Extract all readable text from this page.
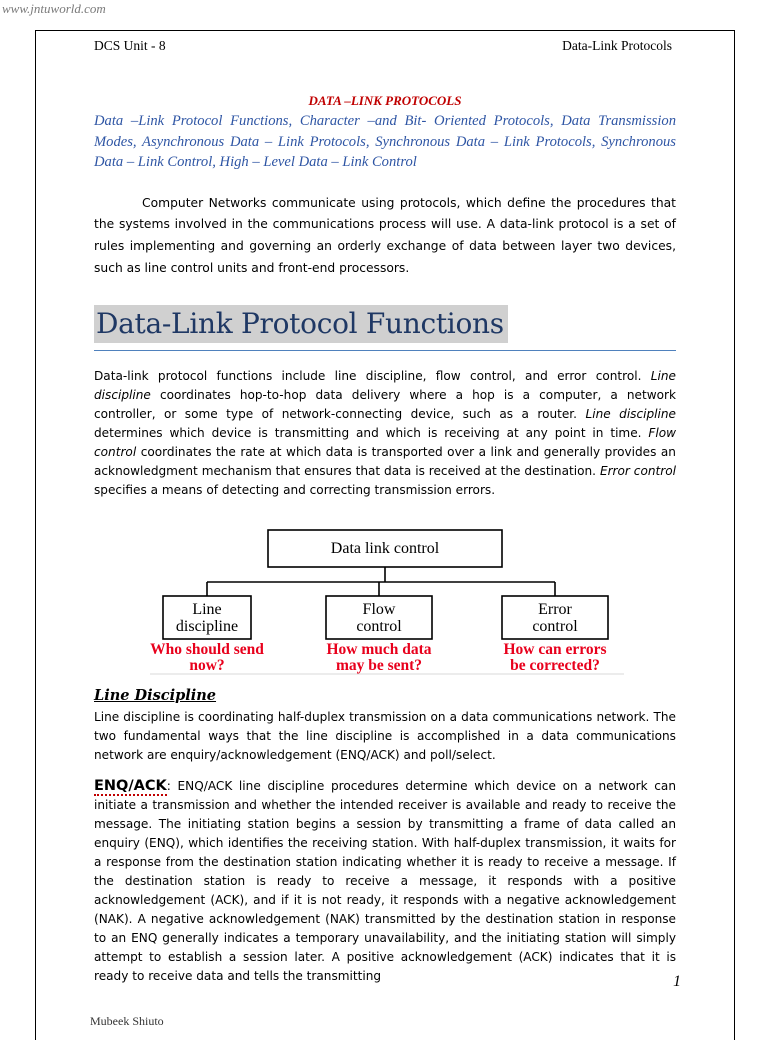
www.jntuworld.com
DCS Unit - 8	Data-Link Protocols

DATA –LINK PROTOCOLS

Data –Link Protocol Functions, Character –and Bit- Oriented Protocols, Data Transmission Modes, Asynchronous Data – Link Protocols, Synchronous Data – Link Protocols, Synchronous Data – Link Control, High – Level Data – Link Control

Computer Networks communicate using protocols, which define the procedures that the systems involved in the communications process will use. A data-link protocol is a set of rules implementing and governing an orderly exchange of data between layer two devices, such as line control units and front-end processors.

Data-Link Protocol Functions

Data-link protocol functions include line discipline, flow control, and error control. Line discipline coordinates hop-to-hop data delivery where a hop is a computer, a network controller, or some type of network-connecting device, such as a router. Line discipline determines which device is transmitting and which is receiving at any point in time. Flow control coordinates the rate at which data is transported over a link and generally provides an acknowledgment mechanism that ensures that data is received at the destination. Error control specifies a means of detecting and correcting transmission errors.

Data link control
Line
discipline
Flow
control
Error
control
Who should send
now?
How much data
may be sent?
How can errors
be corrected?
Line Discipline

Line discipline is coordinating half-duplex transmission on a data communications network. The two fundamental ways that the line discipline is accomplished in a data communications network are enquiry/acknowledgement (ENQ/ACK) and poll/select.

ENQ/ACK: ENQ/ACK line discipline procedures determine which device on a network can initiate a transmission and whether the intended receiver is available and ready to receive the message. The initiating station begins a session by transmitting a frame of data called an enquiry (ENQ), which identifies the receiving station. With half-duplex transmission, it waits for a response from the destination station indicating whether it is ready to receive a message. If the destination station is ready to receive a message, it responds with a positive acknowledgement (ACK), and if it is not ready, it responds with a negative acknowledgement (NAK). A negative acknowledgement (NAK) transmitted by the destination station in response to an ENQ generally indicates a temporary unavailability, and the initiating station will simply attempt to establish a session later. A positive acknowledgement (ACK) indicates that it is ready to receive data and tells the transmitting	1
Mubeek Shiuto
